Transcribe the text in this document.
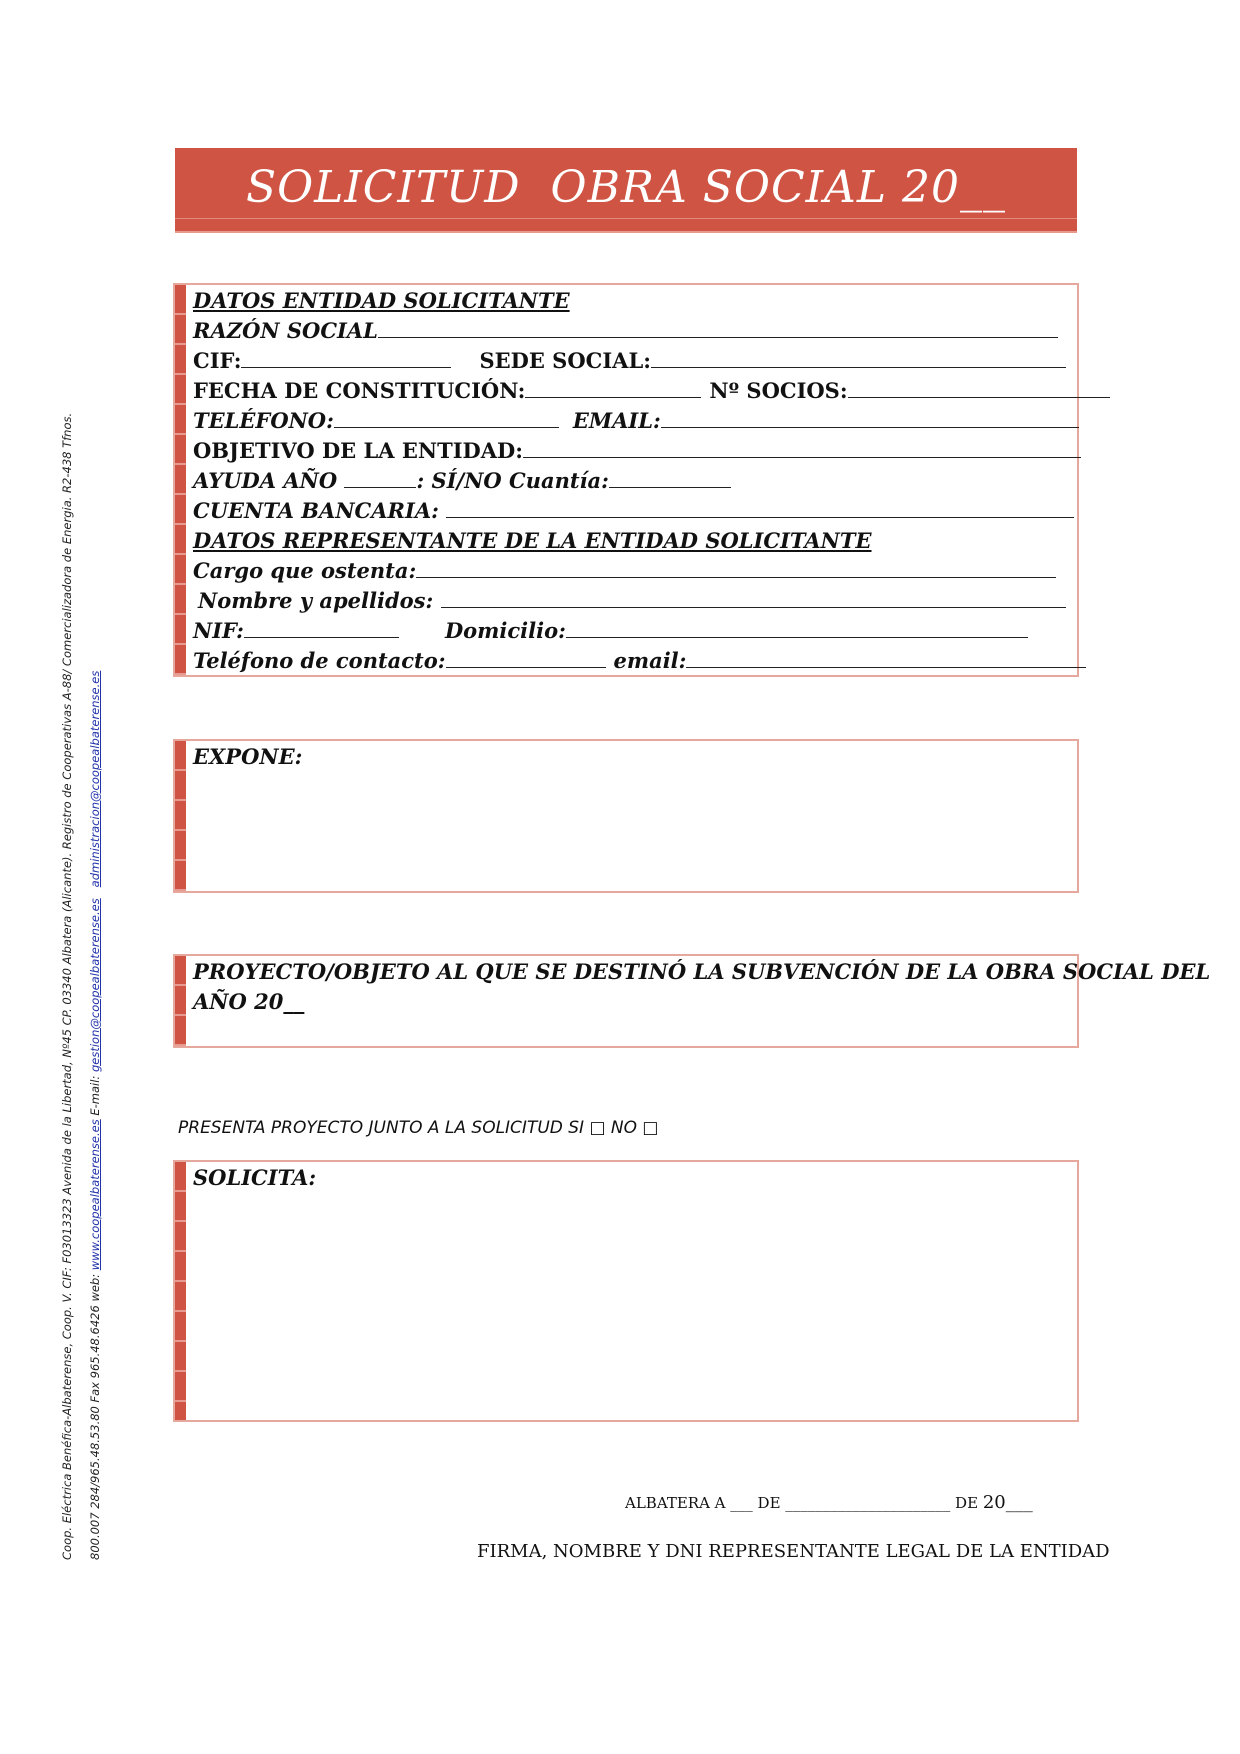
SOLICITUD  OBRA SOCIAL 20__
DATOS ENTIDAD SOLICITANTE
RAZÓN SOCIAL
CIF:	SEDE SOCIAL:
FECHA DE CONSTITUCIÓN:	Nº SOCIOS:
TELÉFONO:	EMAIL:
OBJETIVO DE LA ENTIDAD:
AYUDA AÑO	: SÍ/NO Cuantía:
CUENTA BANCARIA:
DATOS REPRESENTANTE DE LA ENTIDAD SOLICITANTE
Cargo que ostenta:
Nombre y apellidos:
NIF:	Domicilio:
Teléfono de contacto:	email:
EXPONE:
PROYECTO/OBJETO AL QUE SE DESTINÓ LA SUBVENCIÓN DE LA OBRA SOCIAL DEL
AÑO 20__
PRESENTA PROYECTO JUNTO A LA SOLICITUD SI □ NO □
SOLICITA:
ALBATERA A ___ DE ______________________ DE 20___
FIRMA, NOMBRE Y DNI REPRESENTANTE LEGAL DE LA ENTIDAD
Coop. Eléctrica Benéfica-Albaterense, Coop. V. CIF: F03013323 Avenida de la Libertad, Nº45 CP. 03340 Albatera (Alicante). Registro de Cooperativas A-88/ Comercializadora de Energia. R2-438 Tfnos. 800.007 284/965.48.53.80 Fax 965.48.6426 web: www.coopealbaterense.es E-mail: gestion@coopealbaterense.es   administracion@coopealbaterense.es
